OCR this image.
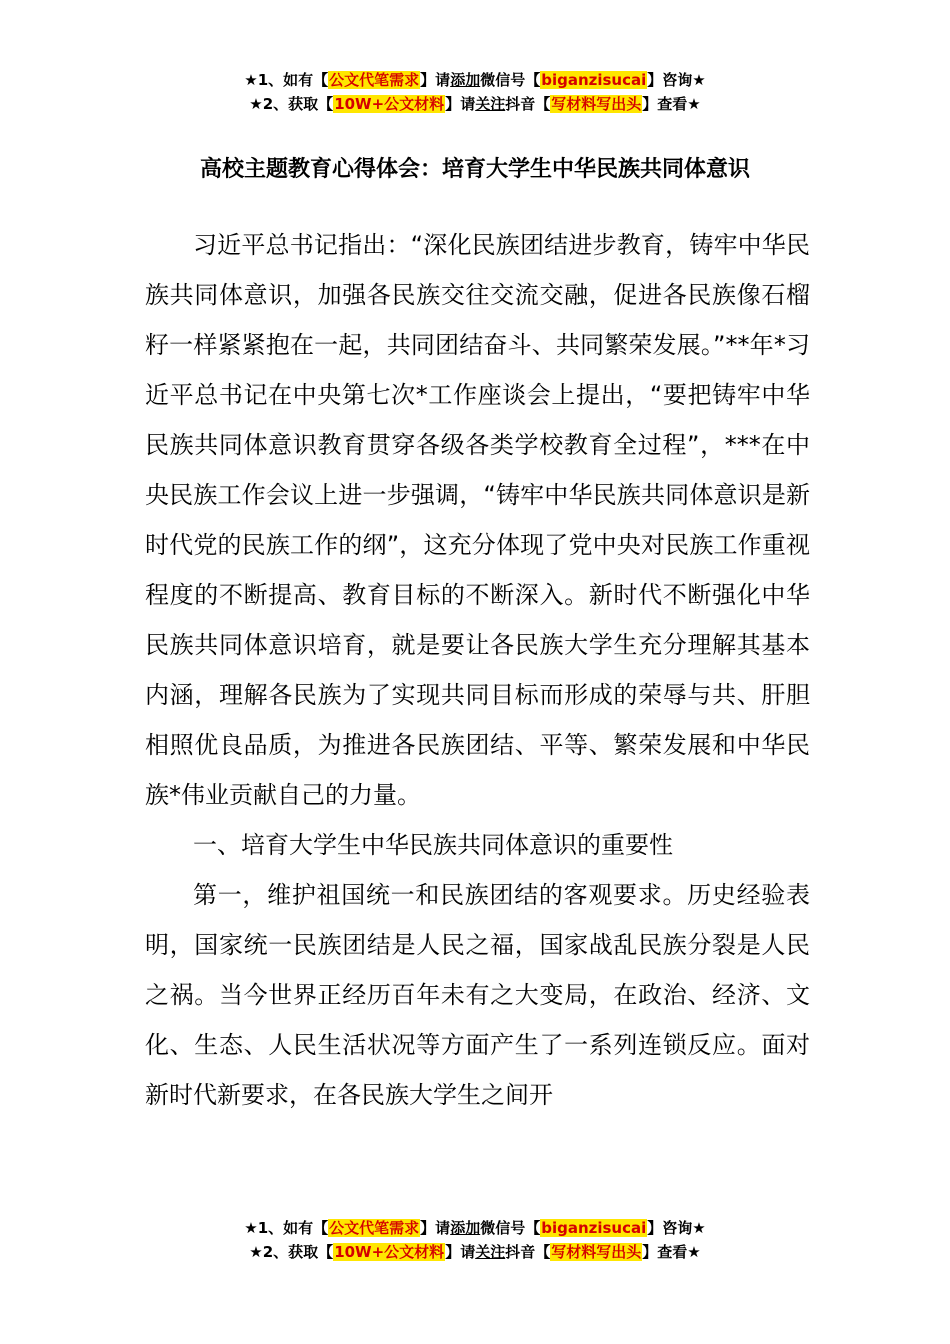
★1、如有【公文代笔需求】请添加微信号【biganzisucai】咨询★
★2、获取【10W+公文材料】请关注抖音【写材料写出头】查看★
高校主题教育心得体会：培育大学生中华民族共同体意识

习近平总书记指出：“深化民族团结进步教育，铸牢中华民族共同体意识，加强各民族交往交流交融，促进各民族像石榴籽一样紧紧抱在一起，共同团结奋斗、共同繁荣发展。”**年*习近平总书记在中央第七次*工作座谈会上提出，“要把铸牢中华民族共同体意识教育贯穿各级各类学校教育全过程”，***在中央民族工作会议上进一步强调，“铸牢中华民族共同体意识是新时代党的民族工作的纲”，这充分体现了党中央对民族工作重视程度的不断提高、教育目标的不断深入。新时代不断强化中华民族共同体意识培育，就是要让各民族大学生充分理解其基本内涵，理解各民族为了实现共同目标而形成的荣辱与共、肝胆相照优良品质，为推进各民族团结、平等、繁荣发展和中华民族*伟业贡献自己的力量。

一、培育大学生中华民族共同体意识的重要性

第一，维护祖国统一和民族团结的客观要求。历史经验表明，国家统一民族团结是人民之福，国家战乱民族分裂是人民之祸。当今世界正经历百年未有之大变局，在政治、经济、文化、生态、人民生活状况等方面产生了一系列连锁反应。面对新时代新要求，在各民族大学生之间开

★1、如有【公文代笔需求】请添加微信号【biganzisucai】咨询★
★2、获取【10W+公文材料】请关注抖音【写材料写出头】查看★
